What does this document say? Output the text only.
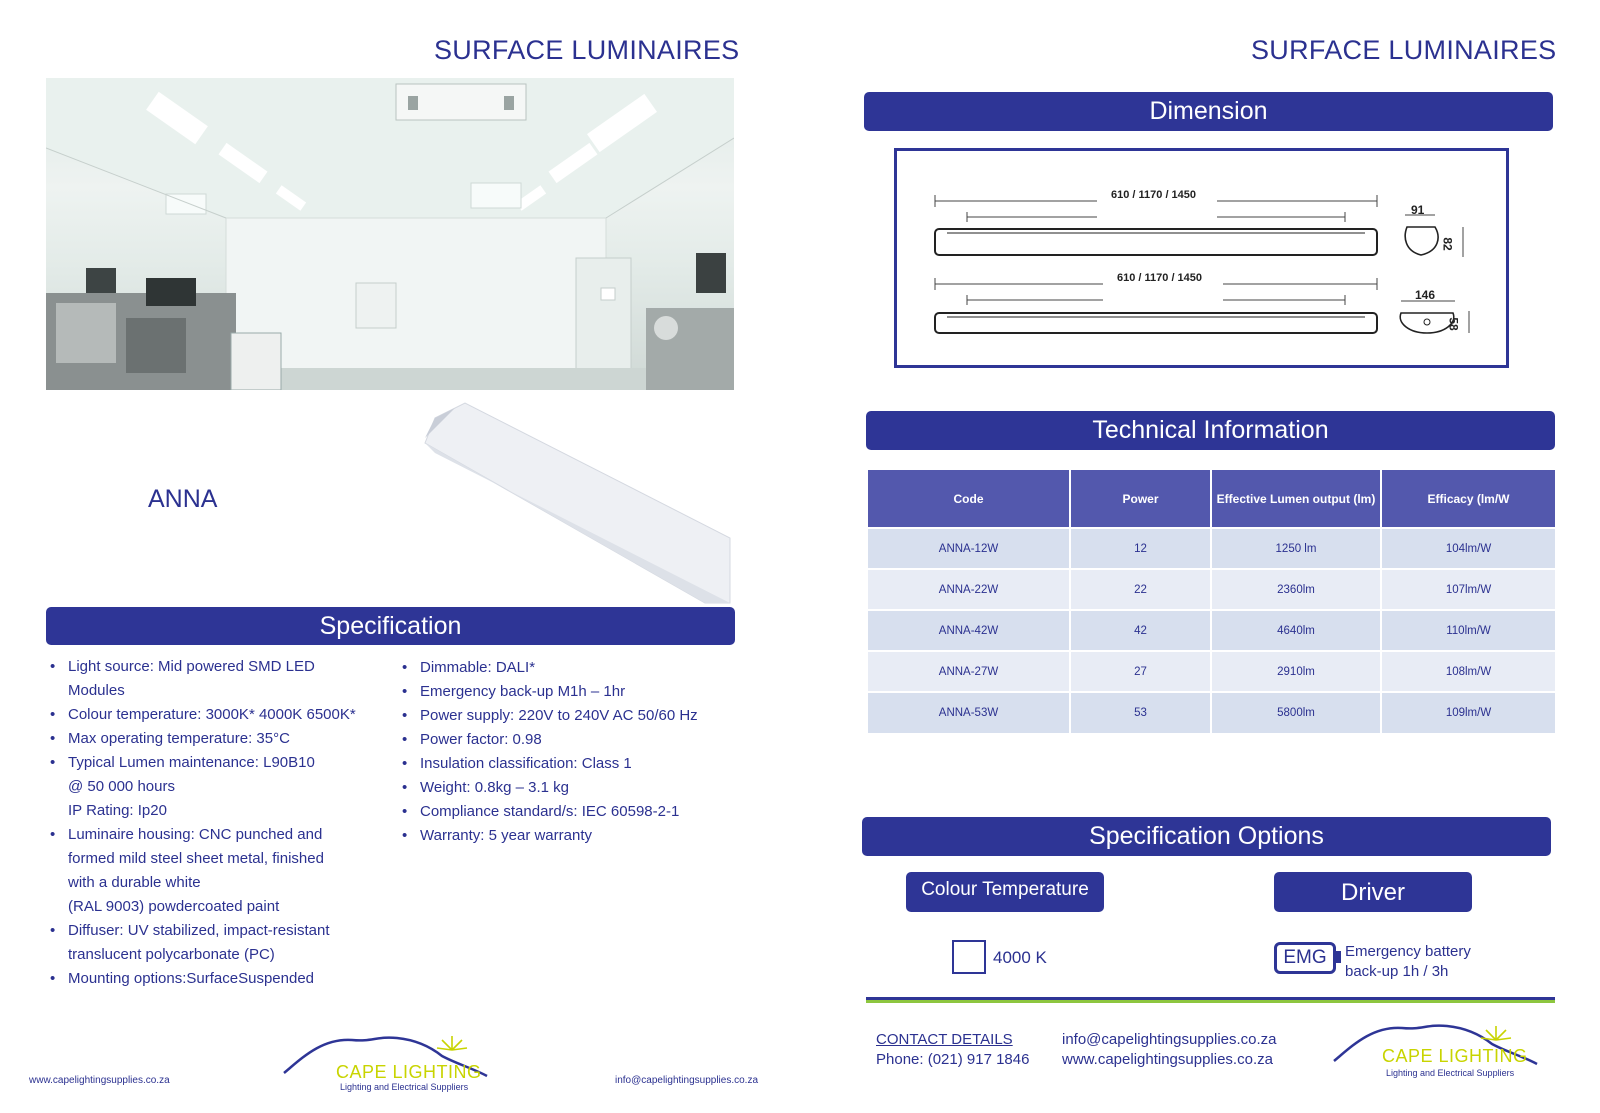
SURFACE LUMINAIRES
ANNA
Specification
• Light source: Mid powered SMD LED
Modules
• Colour temperature: 3000K* 4000K 6500K*
• Max operating temperature: 35°C
• Typical Lumen maintenance: L90B10
@ 50 000 hours
IP Rating: Ip20
• Luminaire housing: CNC punched and
formed mild steel sheet metal, finished
with a durable white
(RAL 9003) powdercoated paint
• Diffuser: UV stabilized, impact-resistant
translucent polycarbonate (PC)
• Mounting options:SurfaceSuspended
• Dimmable: DALI*
• Emergency back-up M1h – 1hr
• Power supply: 220V to 240V AC 50/60 Hz
• Power factor: 0.98
• Insulation classification: Class 1
• Weight: 0.8kg – 3.1 kg
• Compliance standard/s: IEC 60598-2-1
• Warranty: 5 year warranty
www.capelightingsupplies.co.za	info@capelightingsupplies.co.za
CAPE LIGHTING
Lighting and Electrical Suppliers
SURFACE LUMINAIRES
Dimension
610 / 1170 / 1450
610 / 1170 / 1450
91
82
146
58
Technical Information
Code	Power	Effective Lumen output (lm)	Efficacy (lm/W
ANNA-12W	12	1250 lm	104lm/W
ANNA-22W	22	2360lm	107lm/W
ANNA-42W	42	4640lm	110lm/W
ANNA-27W	27	2910lm	108lm/W
ANNA-53W	53	5800lm	109lm/W
Specification Options
Colour Temperature	Driver
4000 K	EMG	Emergency battery
back-up 1h / 3h
CONTACT DETAILS
Phone: (021) 917 1846
info@capelightingsupplies.co.za
www.capelightingsupplies.co.za	CAPE LIGHTING
Lighting and Electrical Suppliers
